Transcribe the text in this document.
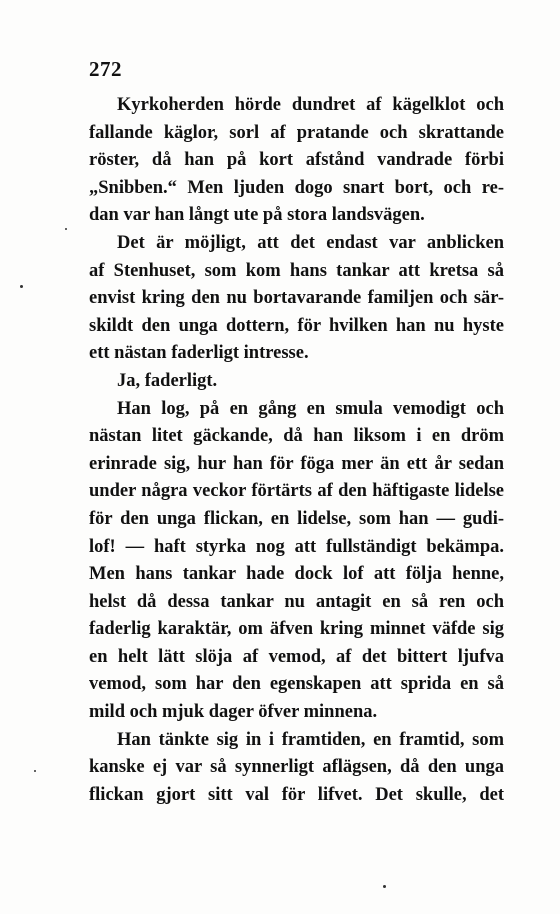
272
Kyrkoherden hörde dundret af kägelklot och
fallande käglor, sorl af pratande och skrattande
röster, då han på kort afstånd vandrade förbi
„Snibben.“ Men ljuden dogo snart bort, och re-
dan var han långt ute på stora landsvägen.
Det är möjligt, att det endast var anblicken
af Stenhuset, som kom hans tankar att kretsa så
envist kring den nu bortavarande familjen och sär-
skildt den unga dottern, för hvilken han nu hyste
ett nästan faderligt intresse.
Ja, faderligt.
Han log, på en gång en smula vemodigt och
nästan litet gäckande, då han liksom i en dröm
erinrade sig, hur han för föga mer än ett år sedan
under några veckor förtärts af den häftigaste lidelse
för den unga flickan, en lidelse, som han — gudi-
lof! — haft styrka nog att fullständigt bekämpa.
Men hans tankar hade dock lof att följa henne,
helst då dessa tankar nu antagit en så ren och
faderlig karaktär, om äfven kring minnet väfde sig
en helt lätt slöja af vemod, af det bittert ljufva
vemod, som har den egenskapen att sprida en så
mild och mjuk dager öfver minnena.
Han tänkte sig in i framtiden, en framtid, som
kanske ej var så synnerligt aflägsen, då den unga
flickan gjort sitt val för lifvet. Det skulle, det
